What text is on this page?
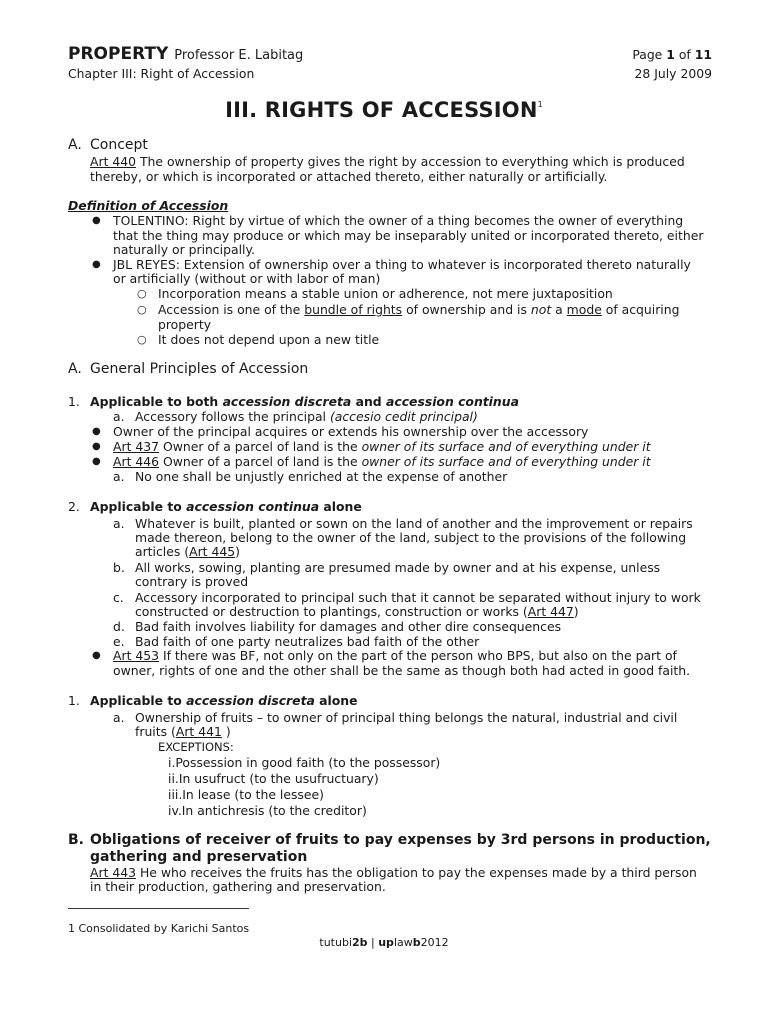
PROPERTY Professor E. Labitag
Chapter III: Right of Accession
Page 1 of 11
28 July 2009
III. RIGHTS OF ACCESSION$^1$
A. Concept
Art 440 The ownership of property gives the right by accession to everything which is produced
thereby, or which is incorporated or attached thereto, either naturally or artificially.
Definition of Accession
● TOLENTINO: Right by virtue of which the owner of a thing becomes the owner of everything
that the thing may produce or which may be inseparably united or incorporated thereto, either
naturally or principally.
● JBL REYES: Extension of ownership over a thing to whatever is incorporated thereto naturally
or artificially (without or with labor of man)
○ Incorporation means a stable union or adherence, not mere juxtaposition
○ Accession is one of the bundle of rights of ownership and is not a mode of acquiring
property
○ It does not depend upon a new title
A. General Principles of Accession
1. Applicable to both accession discreta and accession continua
a. Accessory follows the principal (accesio cedit principal)
● Owner of the principal acquires or extends his ownership over the accessory
● Art 437 Owner of a parcel of land is the owner of its surface and of everything under it
● Art 446 Owner of a parcel of land is the owner of its surface and of everything under it
a. No one shall be unjustly enriched at the expense of another
2. Applicable to accession continua alone
a. Whatever is built, planted or sown on the land of another and the improvement or repairs
made thereon, belong to the owner of the land, subject to the provisions of the following
articles (Art 445)
b. All works, sowing, planting are presumed made by owner and at his expense, unless
contrary is proved
c. Accessory incorporated to principal such that it cannot be separated without injury to work
constructed or destruction to plantings, construction or works (Art 447)
d. Bad faith involves liability for damages and other dire consequences
e. Bad faith of one party neutralizes bad faith of the other
● Art 453 If there was BF, not only on the part of the person who BPS, but also on the part of
owner, rights of one and the other shall be the same as though both had acted in good faith.
1. Applicable to accession discreta alone
a. Ownership of fruits – to owner of principal thing belongs the natural, industrial and civil
fruits (Art 441 )
EXCEPTIONS:
i.Possession in good faith (to the possessor)
ii.In usufruct (to the usufructuary)
iii.In lease (to the lessee)
iv.In antichresis (to the creditor)
B. Obligations of receiver of fruits to pay expenses by 3rd persons in production,
gathering and preservation
Art 443 He who receives the fruits has the obligation to pay the expenses made by a third person
in their production, gathering and preservation.
1 Consolidated by Karichi Santos
tutubi2b | uplawb2012
